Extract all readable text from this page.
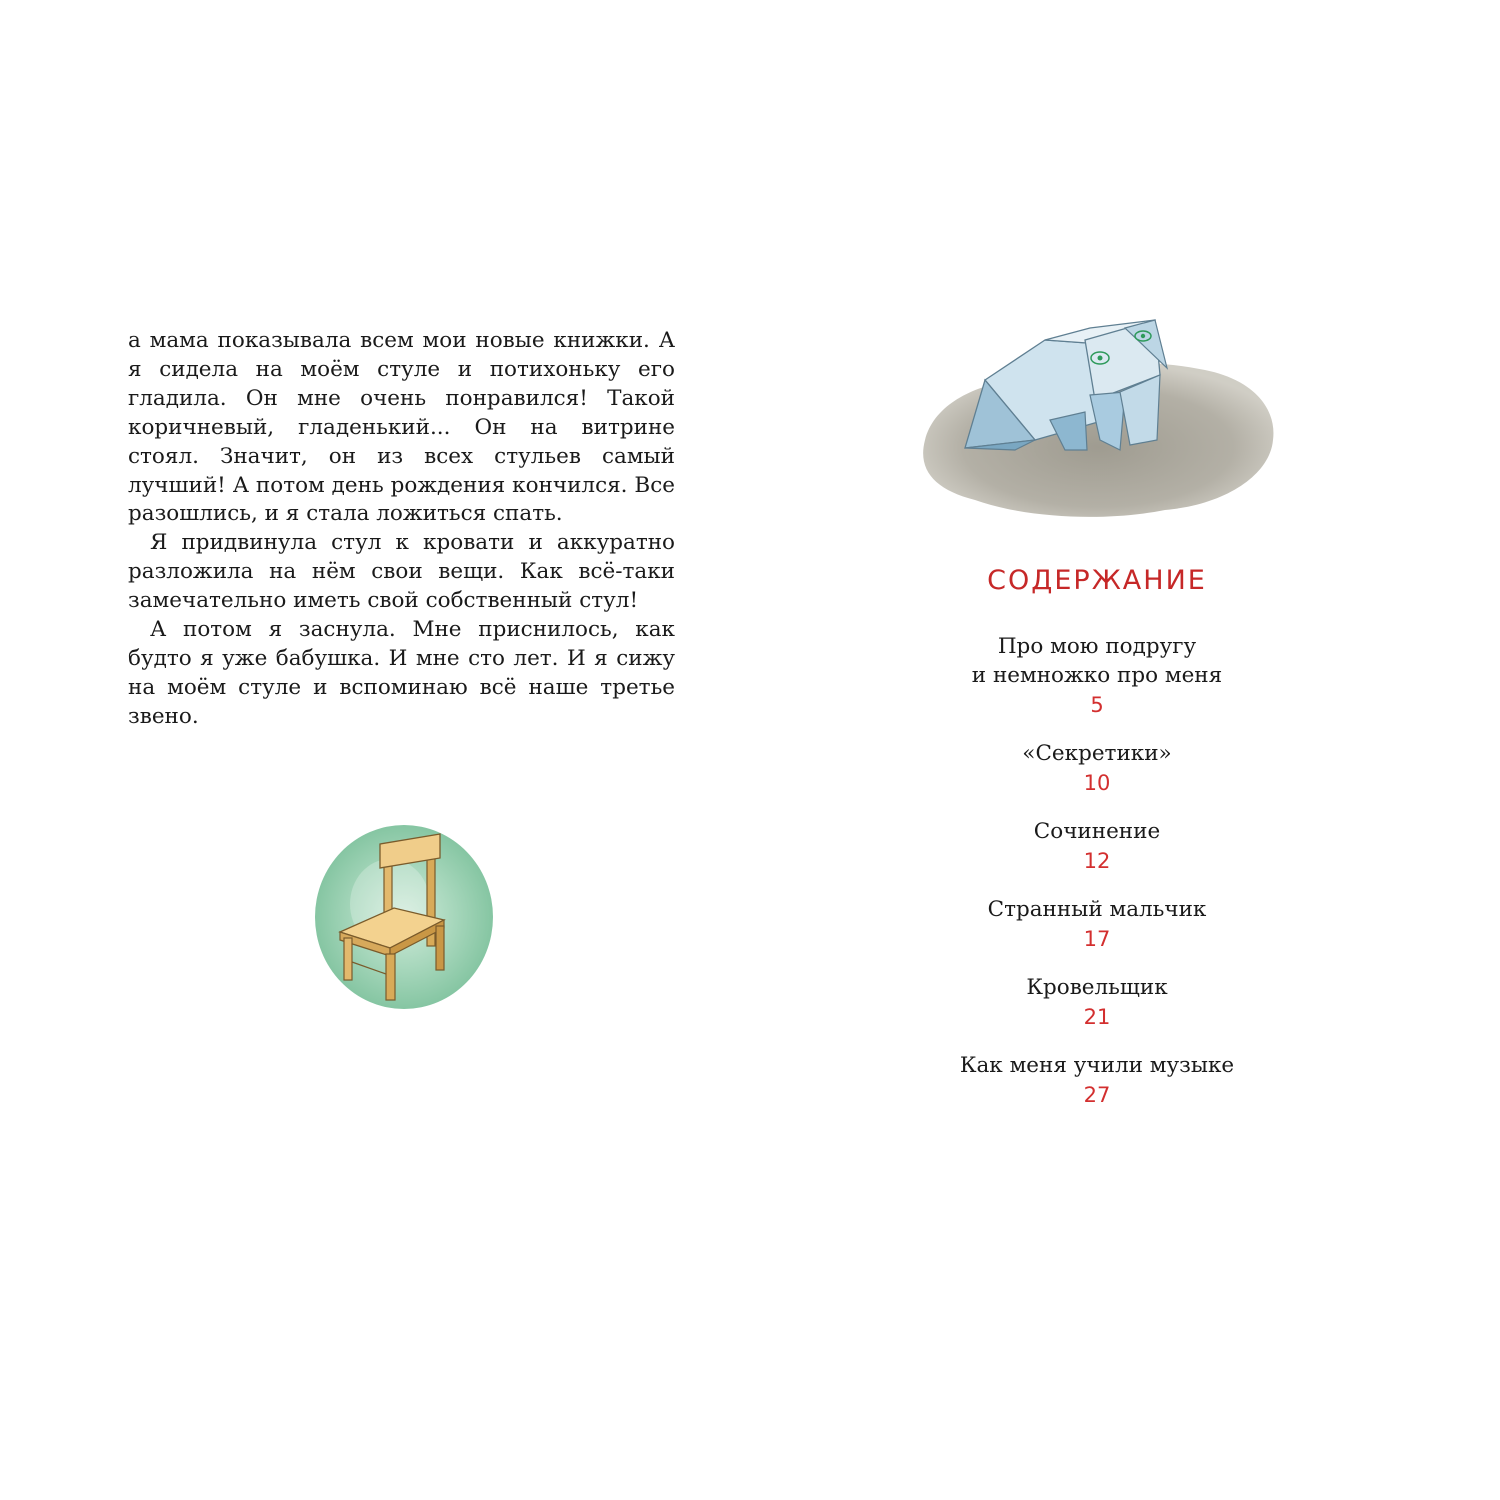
а мама показывала всем мои новые книжки. А я сидела на моём стуле и потихоньку его гладила. Он мне очень понравился! Такой коричневый, гладенький... Он на витрине стоял. Значит, он из всех стульев самый лучший! А потом день рождения кончился. Все разошлись, и я стала ложиться спать.

Я придвинула стул к кровати и аккуратно разложила на нём свои вещи. Как всё-таки замечательно иметь свой собственный стул!

А потом я заснула. Мне приснилось, как будто я уже бабушка. И мне сто лет. И я сижу на моём стуле и вспоминаю всё наше третье звено.

СОДЕРЖАНИЕ
Про мою подругу
и немножко про меня
5
«Секретики»
10
Сочинение
12
Странный мальчик
17
Кровельщик
21
Как меня учили музыке
27
